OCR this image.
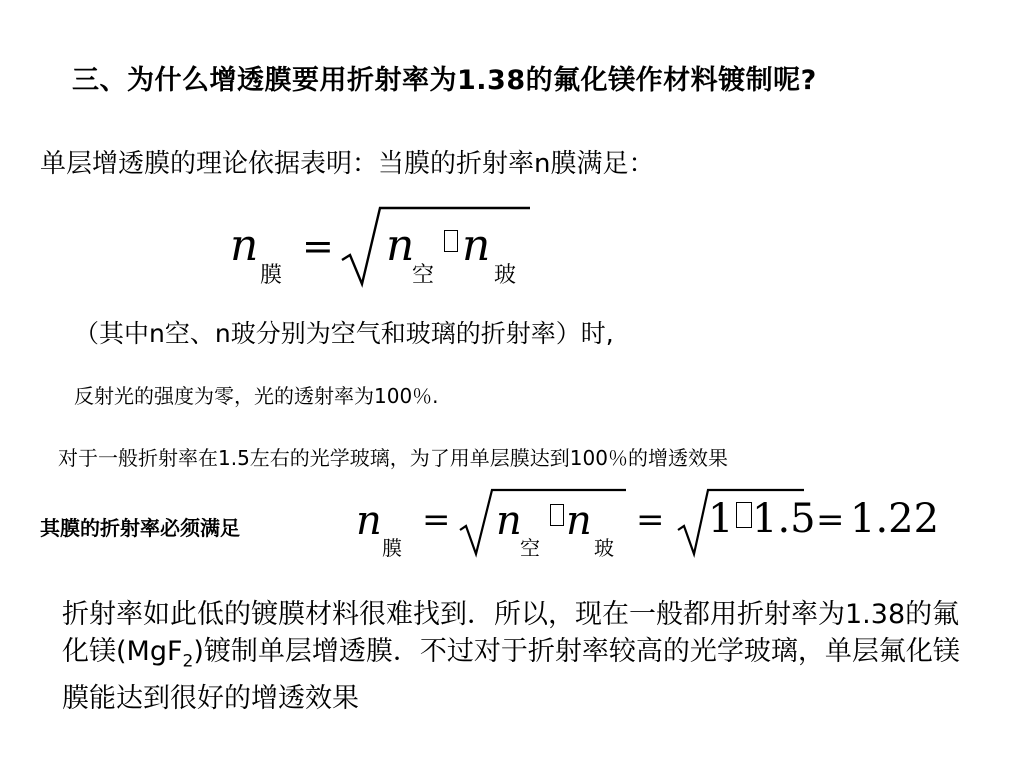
三、为什么增透膜要用折射率为1.38的氟化镁作材料镀制呢?
单层增透膜的理论依据表明：当膜的折射率n膜满足：
n
膜
= n
空
n
玻
（其中n空、n玻分别为空气和玻璃的折射率）时,
反射光的强度为零，光的透射率为100％.
对于一般折射率在1.5左右的光学玻璃，为了用单层膜达到100％的增透效果
其膜的折射率必须满足	n
膜
= n
空
n
玻
= 1 1.5 = 1.22
折射率如此低的镀膜材料很难找到．所以，现在一般都用折射率为1.38的氟化镁(MgF$_2$)镀制单层增透膜．不过对于折射率较高的光学玻璃，单层氟化镁膜能达到很好的增透效果
